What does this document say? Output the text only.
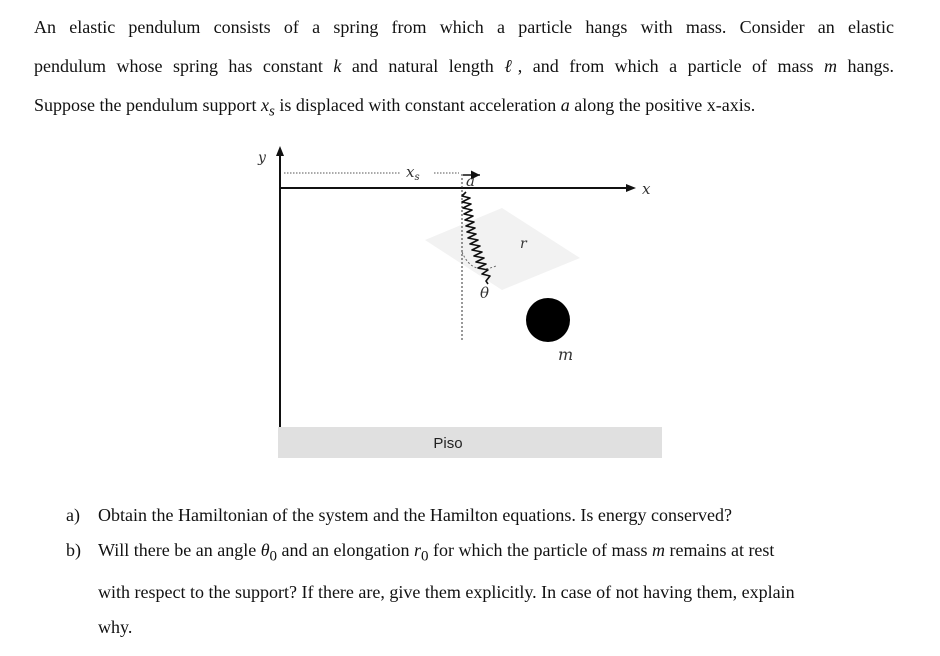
An elastic pendulum consists of a spring from which a particle hangs with mass. Consider an elastic
pendulum whose spring has constant k and natural length ℓ, and from which a particle of mass m hangs.
Suppose the pendulum support $x_s$ is displaced with constant acceleration a along the positive x-axis.
y
x
$x_s$	a
θ
r
m
Piso
a) Obtain the Hamiltonian of the system and the Hamilton equations. Is energy conserved?
b) Will there be an angle $\theta_0$ and an elongation $r_0$ for which the particle of mass m remains at rest
with respect to the support? If there are, give them explicitly. In case of not having them, explain
why.
